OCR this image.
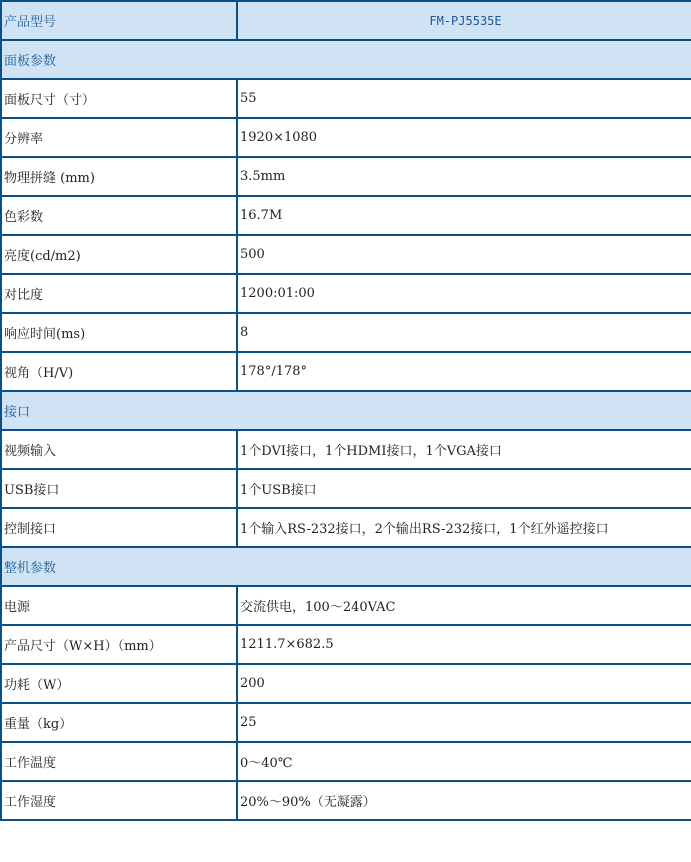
产品型号	FM-PJ5535E
面板参数	
面板尺寸（寸）	55
分辨率	1920×1080
物理拼缝 (mm)	3.5mm
色彩数	16.7M
亮度(cd/m2)	500
对比度	1200:01:00
响应时间(ms)	8
视角（H/V)	178°/178°
接口	
视频输入	1个DVI接口，1个HDMI接口，1个VGA接口
USB接口	1个USB接口
控制接口	1个输入RS-232接口，2个输出RS-232接口，1个红外遥控接口
整机参数	
电源	交流供电，100～240VAC
产品尺寸（W×H）（mm）	1211.7×682.5
功耗（W）	200
重量（kg）	25
工作温度	0～40℃
工作湿度	20%～90%（无凝露）
